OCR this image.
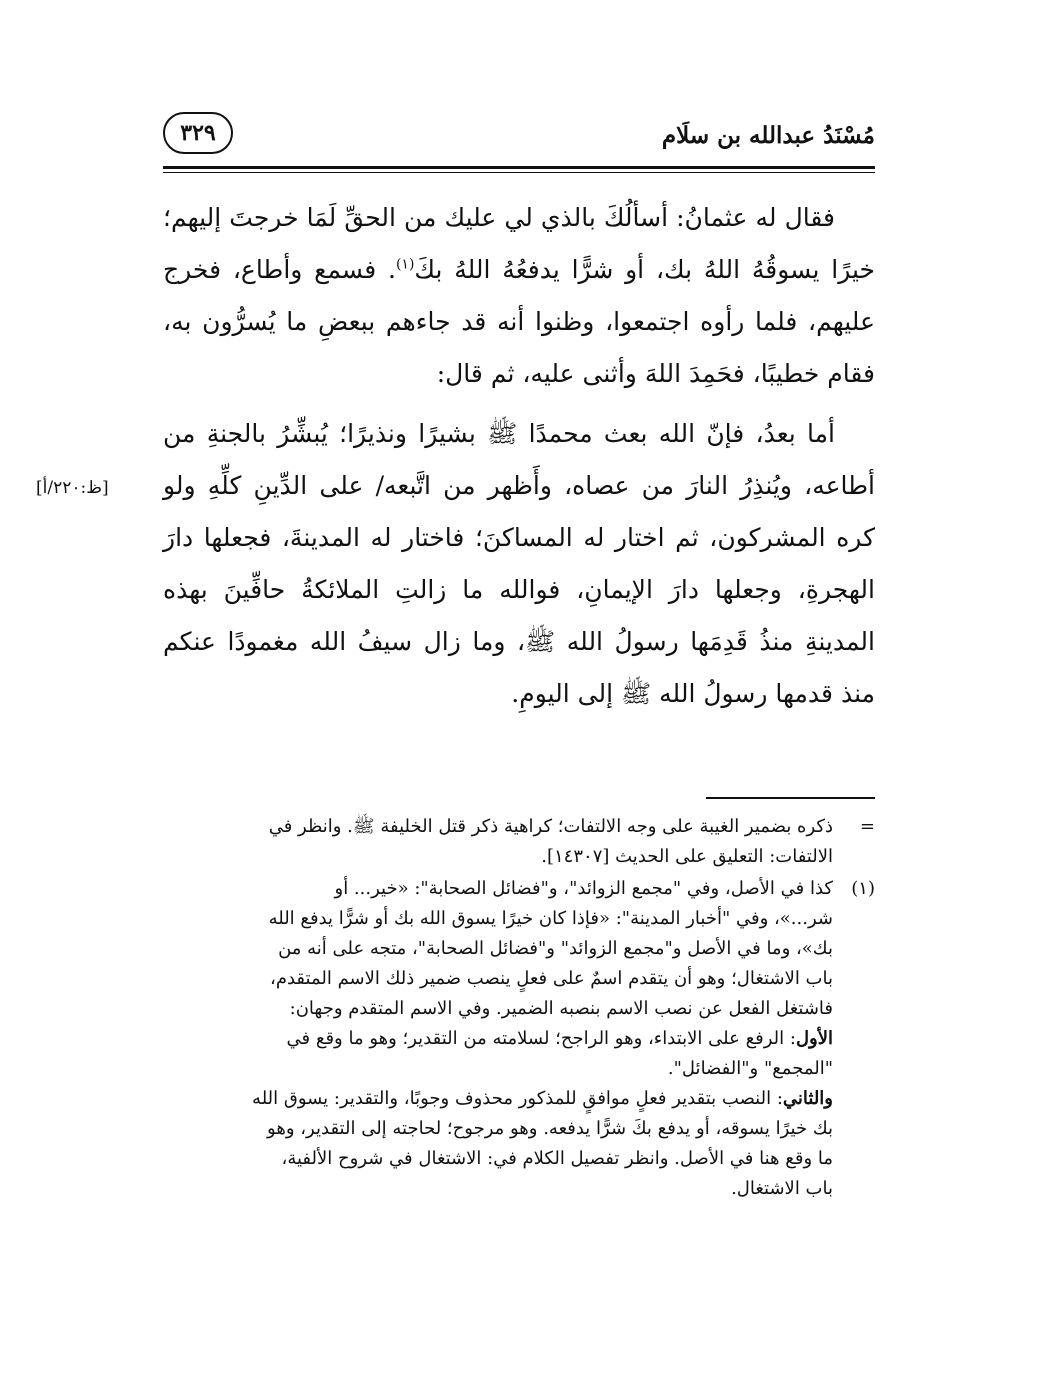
مُسْنَدُ عبدالله بن سلَام
٣٢٩

فقال له عثمانُ: أسألُكَ بالذي لي عليك من الحقِّ لَمَا خرجتَ إليهم؛ خيرًا يسوقُهُ اللهُ بك، أو شرًّا يدفعُهُ اللهُ بكَ$^{(١)}$. فسمع وأطاع، فخرج عليهم، فلما رأوه اجتمعوا، وظنوا أنه قد جاءهم ببعضِ ما يُسرُّون به، فقام خطيبًا، فحَمِدَ اللهَ وأثنى عليه، ثم قال:

أما بعدُ، فإنّ الله بعث محمدًا ﷺ بشيرًا ونذيرًا؛ يُبشِّرُ بالجنةِ من أطاعه، ويُنذِرُ النارَ من عصاه، وأَظهر من اتَّبعه/ على الدِّينِ كلِّهِ ولو كره المشركون، ثم اختار له المساكنَ؛ فاختار له المدينةَ، فجعلها دارَ الهجرةِ، وجعلها دارَ الإيمانِ، فوالله ما زالتِ الملائكةُ حافِّينَ بهذه المدينةِ منذُ قَدِمَها رسولُ الله ﷺ، وما زال سيفُ الله مغمودًا عنكم منذ قدمها رسولُ الله ﷺ إلى اليومِ.

[ظ:٢٢٠/أ]
=
ذكره بضمير الغيبة على وجه الالتفات؛ كراهية ذكر قتل الخليفة ﷺ. وانظر في
الالتفات: التعليق على الحديث [١٤٣٠٧].
(١)
كذا في الأصل، وفي "مجمع الزوائد"، و"فضائل الصحابة": «خير... أو
شر...»، وفي "أخبار المدينة": «فإذا كان خيرًا يسوق الله بك أو شرًّا يدفع الله
بك»، وما في الأصل و"مجمع الزوائد" و"فضائل الصحابة"، متجه على أنه من
باب الاشتغال؛ وهو أن يتقدم اسمٌ على فعلٍ ينصب ضمير ذلك الاسم المتقدم،
فاشتغل الفعل عن نصب الاسم بنصبه الضمير. وفي الاسم المتقدم وجهان:
الأول: الرفع على الابتداء، وهو الراجح؛ لسلامته من التقدير؛ وهو ما وقع في
"المجمع" و"الفضائل".
والثاني: النصب بتقدير فعلٍ موافقٍ للمذكور محذوف وجوبًا، والتقدير: يسوق الله
بك خيرًا يسوقه، أو يدفع بكَ شرًّا يدفعه. وهو مرجوح؛ لحاجته إلى التقدير، وهو
ما وقع هنا في الأصل. وانظر تفصيل الكلام في: الاشتغال في شروح الألفية،
باب الاشتغال.
